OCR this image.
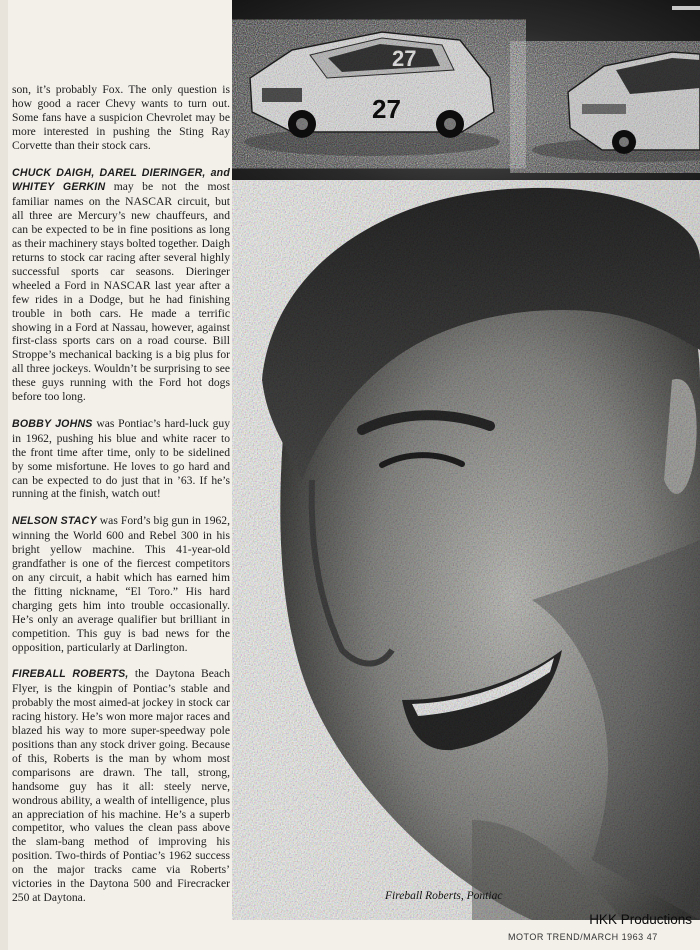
son, it’s probably Fox. The only question is how good a racer Chevy wants to turn out. Some fans have a suspicion Chevrolet may be more interested in pushing the Sting Ray Corvette than their stock cars.

CHUCK DAIGH, DAREL DIERINGER, and WHITEY GERKIN may be not the most familiar names on the NASCAR circuit, but all three are Mercury’s new chauffeurs, and can be expected to be in fine positions as long as their machinery stays bolted together. Daigh returns to stock car racing after several highly successful sports car seasons. Dieringer wheeled a Ford in NASCAR last year after a few rides in a Dodge, but he had finishing trouble in both cars. He made a terrific showing in a Ford at Nassau, however, against first-class sports cars on a road course. Bill Stroppe’s mechanical backing is a big plus for all three jockeys. Wouldn’t be surprising to see these guys running with the Ford hot dogs before too long.

BOBBY JOHNS was Pontiac’s hard-luck guy in 1962, pushing his blue and white racer to the front time after time, only to be sidelined by some misfortune. He loves to go hard and can be expected to do just that in ’63. If he’s running at the finish, watch out!

NELSON STACY was Ford’s big gun in 1962, winning the World 600 and Rebel 300 in his bright yellow machine. This 41-year-old grandfather is one of the fiercest competitors on any circuit, a habit which has earned him the fitting nickname, “El Toro.” His hard charging gets him into trouble occasionally. He’s only an average qualifier but brilliant in competition. This guy is bad news for the opposition, particularly at Darlington.

FIREBALL ROBERTS, the Daytona Beach Flyer, is the kingpin of Pontiac’s stable and probably the most aimed-at jockey in stock car racing history. He’s won more major races and blazed his way to more super-speedway pole positions than any stock driver going. Because of this, Roberts is the man by whom most comparisons are drawn. The tall, strong, handsome guy has it all: steely nerve, wondrous ability, a wealth of intelligence, plus an appreciation of his machine. He’s a superb competitor, who values the clean pass above the slam-bang method of improving his position. Two-thirds of Pontiac’s 1962 success on the major tracks came via Roberts’ victories in the Daytona 500 and Firecracker 250 at Daytona.

27
27
Fireball Roberts, Pontiac
MOTOR TREND/MARCH 1963 47
HKK Productions
